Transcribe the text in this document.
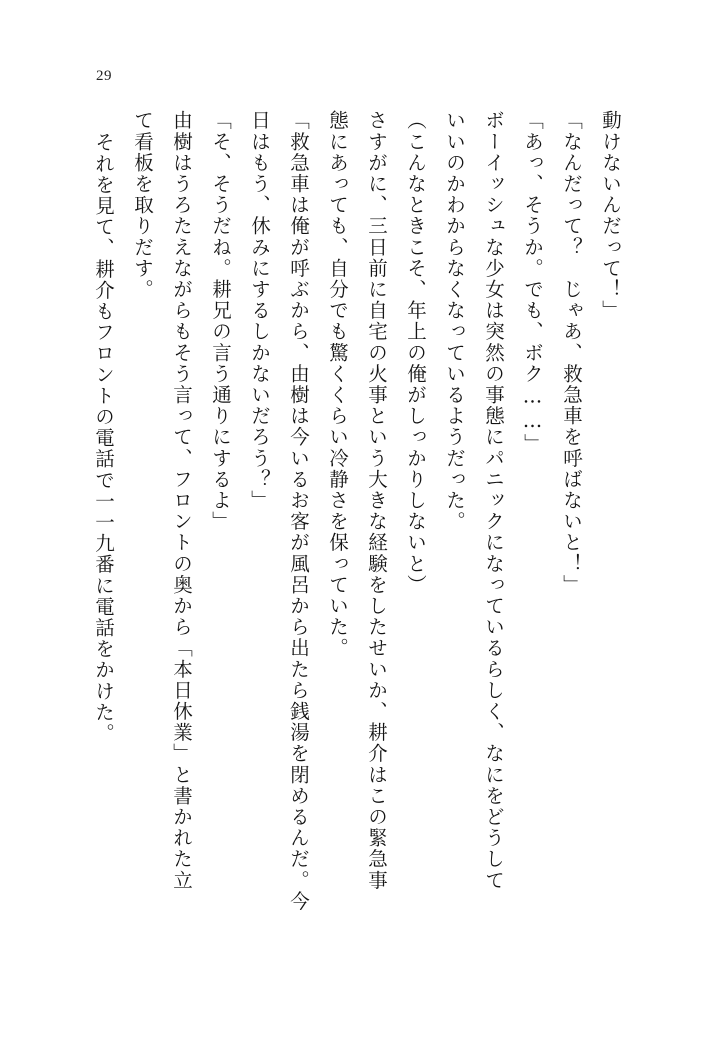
29
動けないんだって！」
「なんだって？　じゃあ、救急車を呼ばないと！」
「あっ、そうか。でも、ボク……」
ボーイッシュな少女は突然の事態にパニックになっているらしく、なにをどうして
いいのかわからなくなっているようだった。
（こんなときこそ、年上の俺がしっかりしないと）
さすがに、三日前に自宅の火事という大きな経験をしたせいか、耕介はこの緊急事
態にあっても、自分でも驚くくらい冷静さを保っていた。
「救急車は俺が呼ぶから、由樹は今いるお客が風呂から出たら銭湯を閉めるんだ。今
日はもう、休みにするしかないだろう？」
「そ、そうだね。耕兄の言う通りにするよ」
由樹はうろたえながらもそう言って、フロントの奥から「本日休業」と書かれた立
て看板を取りだす。
それを見て、耕介もフロントの電話で一一九番に電話をかけた。
